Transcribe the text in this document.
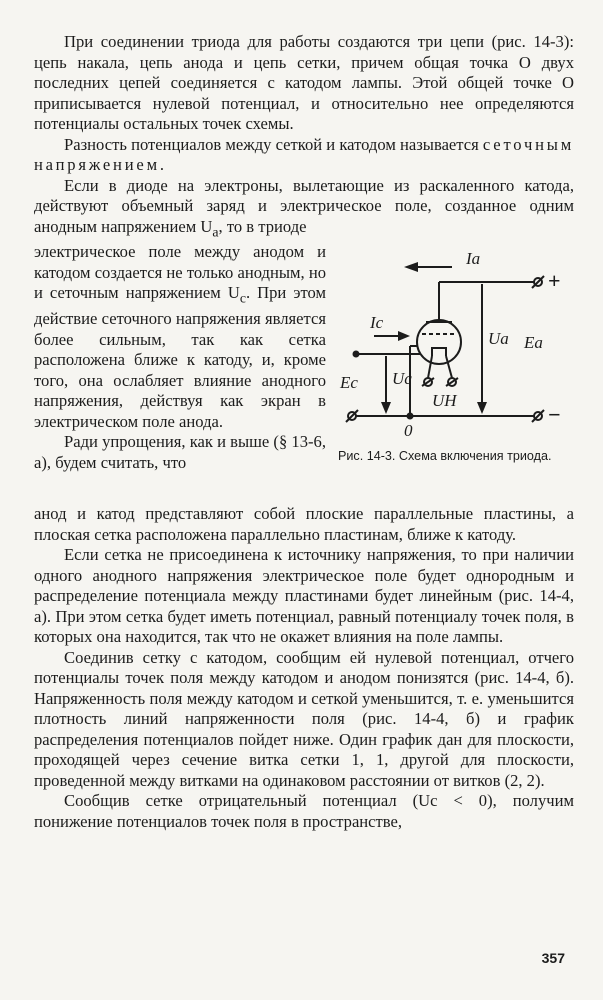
При соединении триода для работы создаются три цепи (рис. 14-3): цепь накала, цепь анода и цепь сетки, причем общая точка O двух последних цепей соединяется с катодом лампы. Этой общей точке O приписывается нулевой потенциал, и относительно нее определяются потенциалы остальных точек схемы.

Разность потенциалов между сеткой и катодом называется сеточным напряжением.

Если в диоде на электроны, вылетающие из раскаленного катода, действуют объемный заряд и электрическое поле, созданное одним анодным напряжением $U_а$, то в триоде

электрическое поле между анодом и катодом создается не только анодным, но и сеточным напряжением $U_с$. При этом действие сеточного напряжения является более сильным, так как сетка расположена ближе к катоду, и, кроме того, она ослабляет влияние анодного напряжения, действуя как экран в электрическом поле анода.

Ради упрощения, как и выше (§ 13-6, а), будем считать, что

Ia
Ic
Ua Ea
Ec Uc
UH
0
+
−
Рис. 14-3. Схема включения триода.

анод и катод представляют собой плоские параллельные пластины, а плоская сетка расположена параллельно пластинам, ближе к катоду.

Если сетка не присоединена к источнику напряжения, то при наличии одного анодного напряжения электрическое поле будет однородным и распределение потенциала между пластинами будет линейным (рис. 14-4, а). При этом сетка будет иметь потенциал, равный потенциалу точек поля, в которых она находится, так что не окажет влияния на поле лампы.

Соединив сетку с катодом, сообщим ей нулевой потенциал, отчего потенциалы точек поля между катодом и анодом понизятся (рис. 14-4, б). Напряженность поля между катодом и сеткой уменьшится, т. е. уменьшится плотность линий напряженности поля (рис. 14-4, б) и график распределения потенциалов пойдет ниже. Один график дан для плоскости, проходящей через сечение витка сетки 1, 1, другой для плоскости, проведенной между витками на одинаковом расстоянии от витков (2, 2).

Сообщив сетке отрицательный потенциал (Uc < 0), получим понижение потенциалов точек поля в пространстве,

357
